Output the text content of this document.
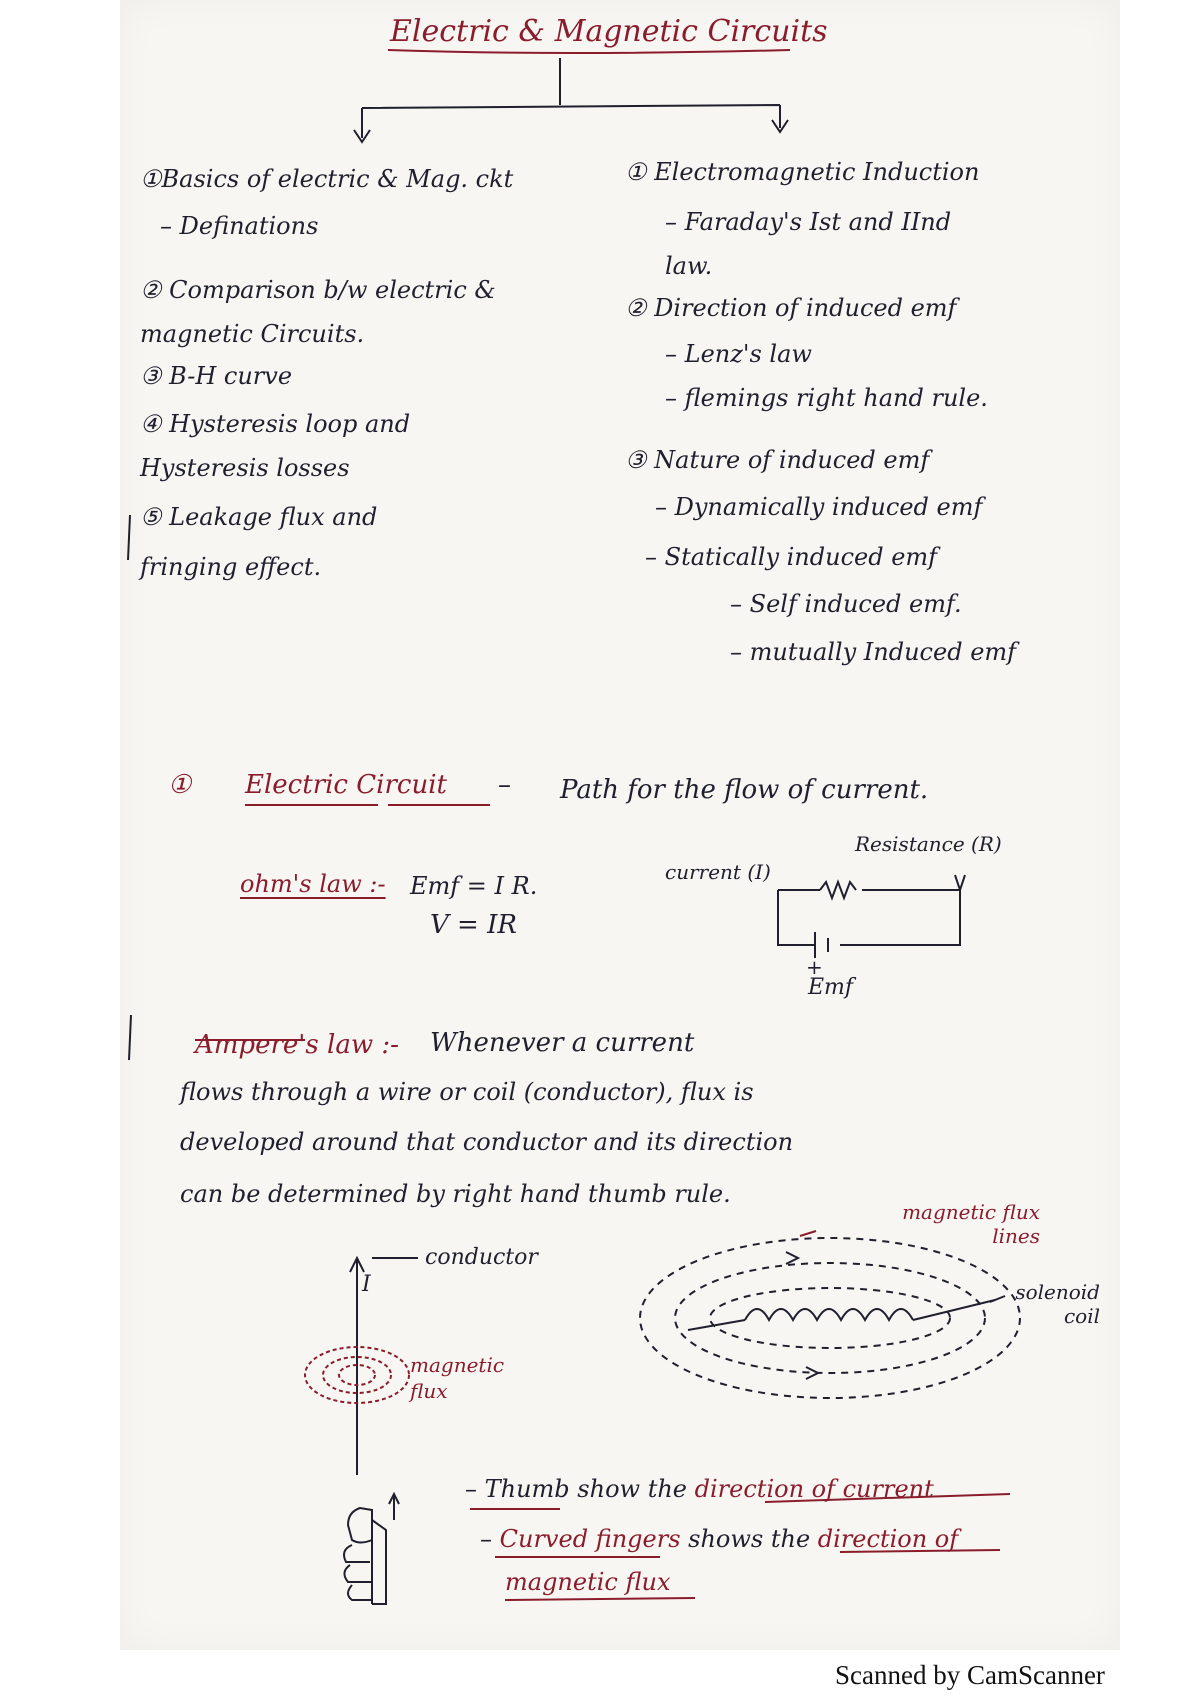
Electric & Magnetic Circuits
①Basics of electric & Mag. ckt
– Definations
② Comparison b/w electric & magnetic Circuits.
③ B-H curve
④ Hysteresis loop and Hysteresis losses
⑤ Leakage flux and fringing effect.
① Electromagnetic Induction
– Faraday's Ist and IInd law.
② Direction of induced emf
– Lenz's law
– flemings right hand rule.
③ Nature of induced emf
– Dynamically induced emf
– Statically induced emf
– Self induced emf.
– mutually Induced emf
① Electric Circuit – Path for the flow of current.
ohm's law :- Emf = I R.
V = IR
current (I)
Resistance (R)
+
Emf
Ampere's law :- Whenever a current
flows through a wire or coil (conductor), flux is
developed around that conductor and its direction
can be determined by right hand thumb rule.
conductor
I
magnetic flux
magnetic flux lines
solenoid coil
– Thumb show the direction of current
– Curved fingers shows the direction of
magnetic flux
Scanned by CamScanner
